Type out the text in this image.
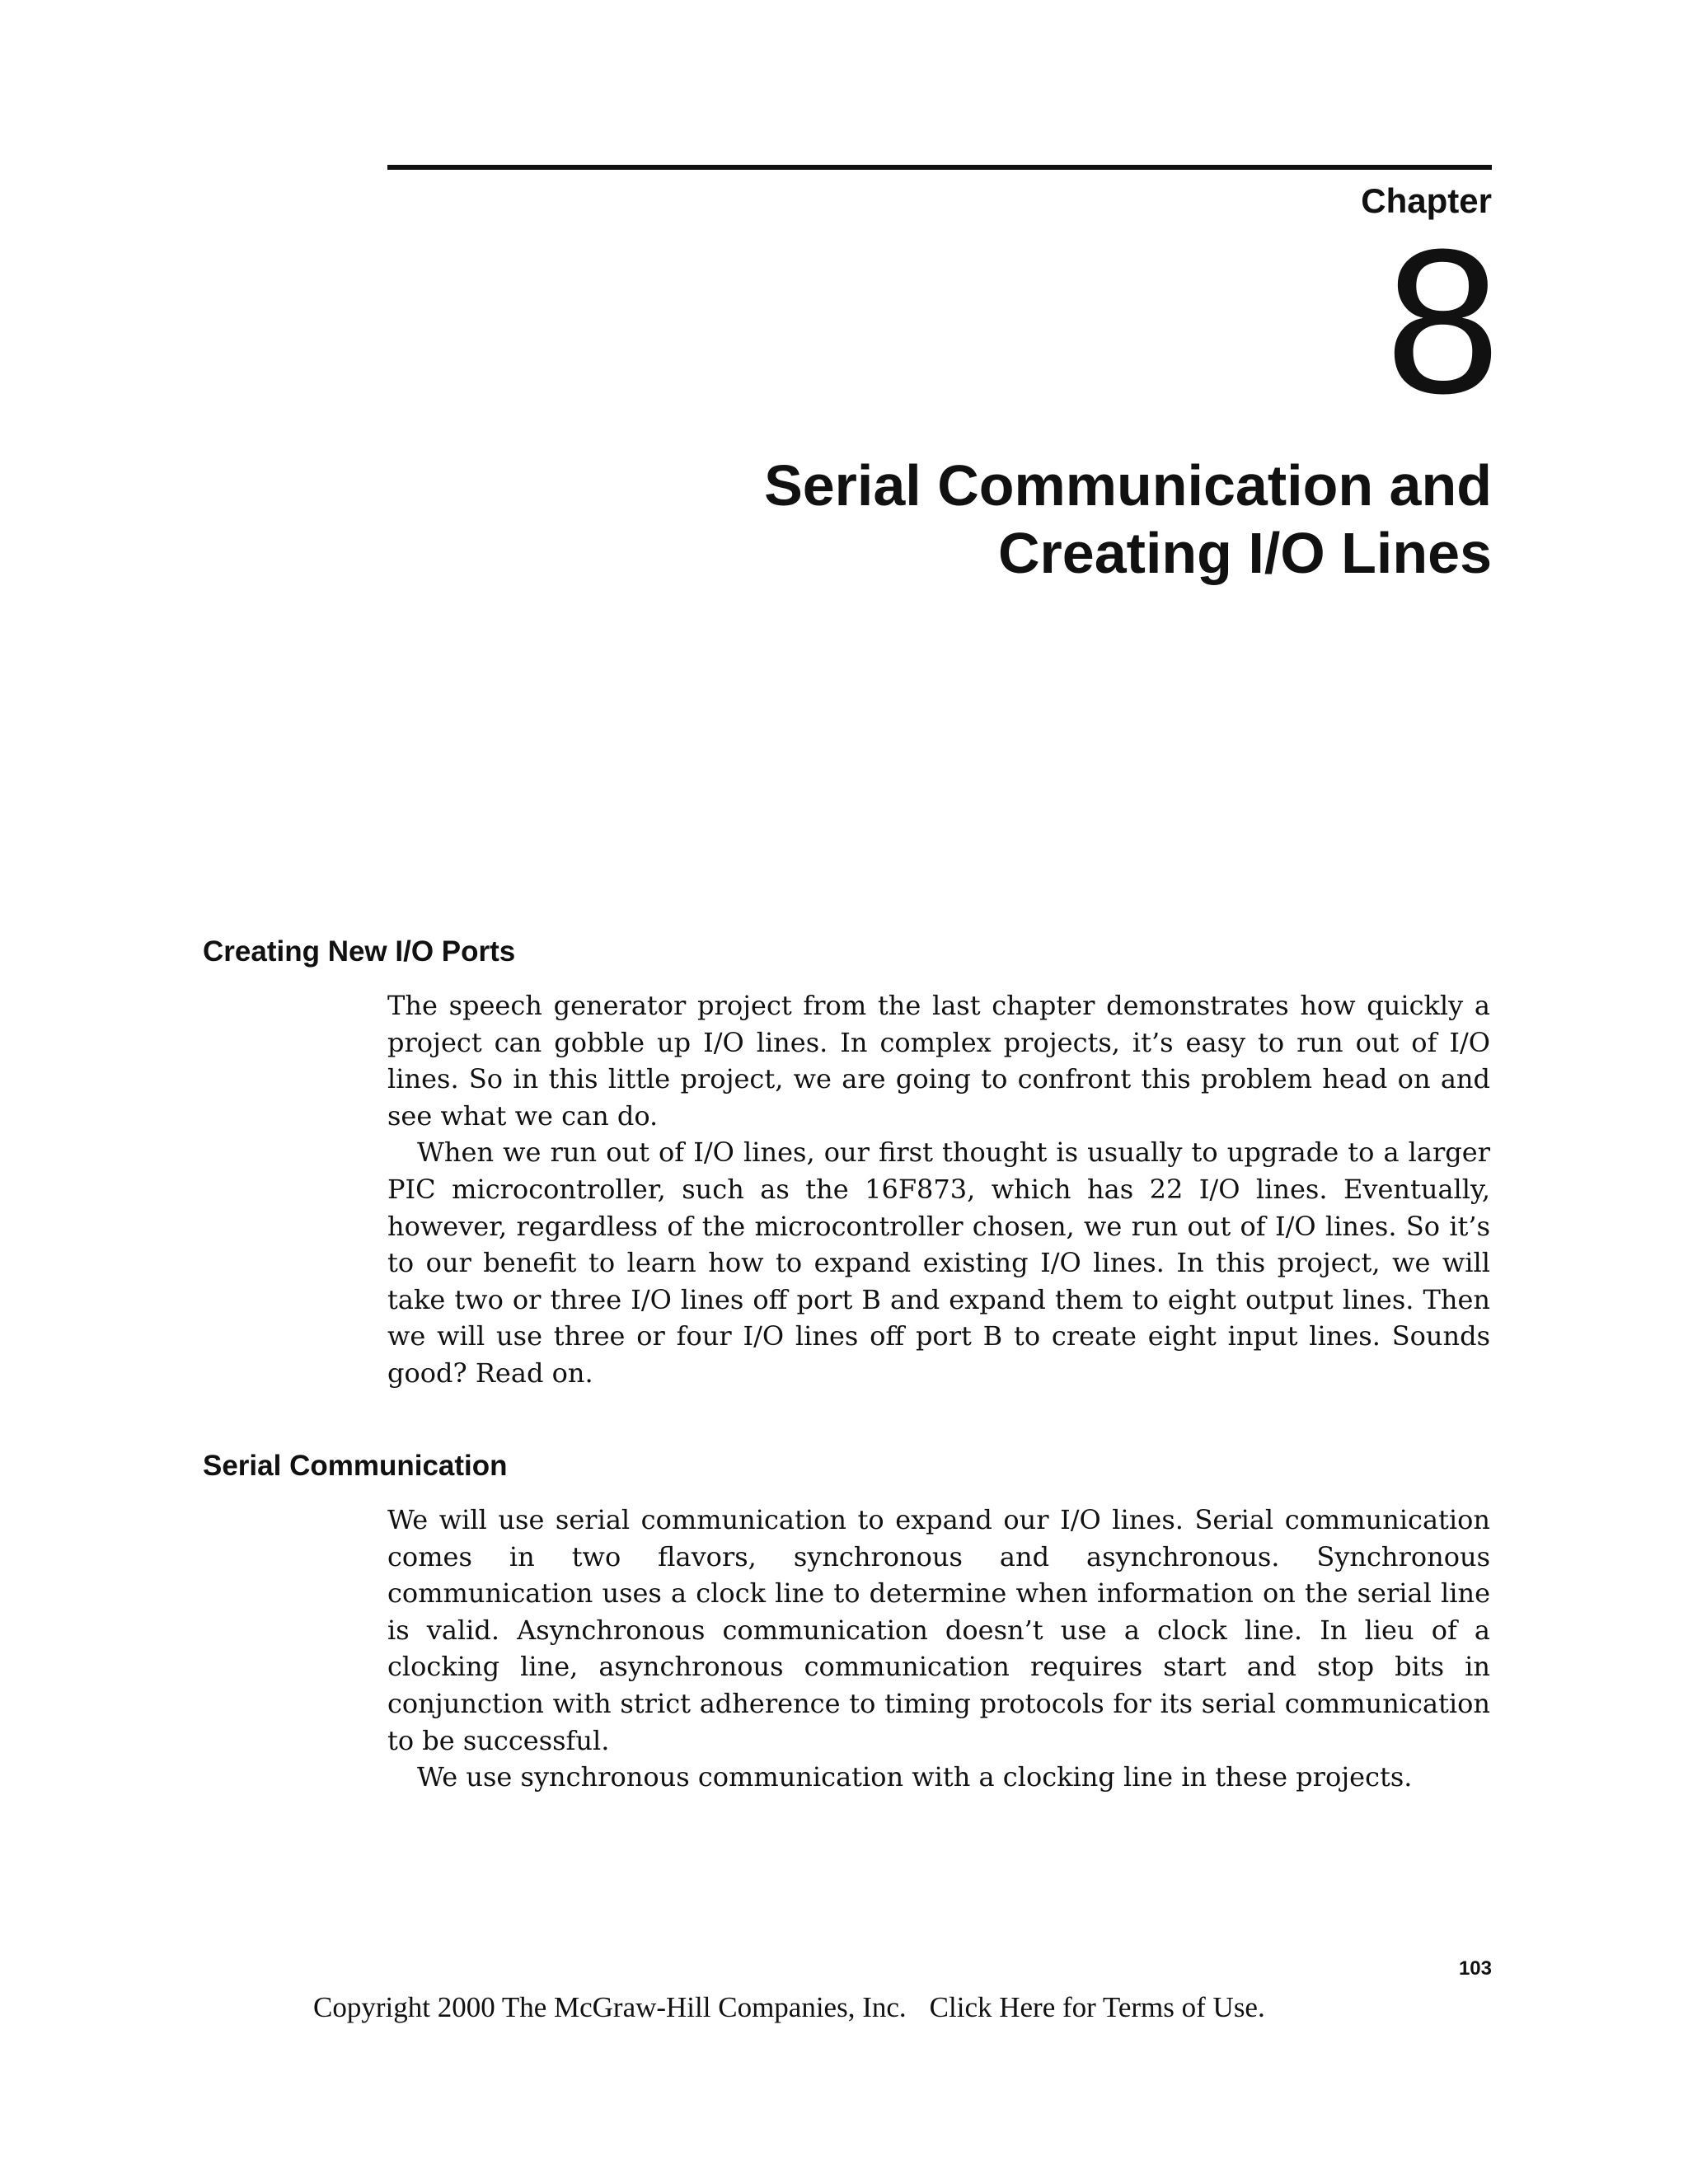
Chapter
8
Serial Communication and
Creating I/O Lines
Creating New I/O Ports

The speech generator project from the last chapter demonstrates how quickly a project can gobble up I/O lines. In complex projects, it’s easy to run out of I/O lines. So in this little project, we are going to confront this problem head on and see what we can do.

When we run out of I/O lines, our first thought is usually to upgrade to a larger PIC microcontroller, such as the 16F873, which has 22 I/O lines. Eventually, however, regardless of the microcontroller chosen, we run out of I/O lines. So it’s to our benefit to learn how to expand existing I/O lines. In this project, we will take two or three I/O lines off port B and expand them to eight output lines. Then we will use three or four I/O lines off port B to create eight input lines. Sounds good? Read on.

Serial Communication

We will use serial communication to expand our I/O lines. Serial communication comes in two flavors, synchronous and asynchronous. Synchronous communication uses a clock line to determine when information on the serial line is valid. Asynchronous communication doesn’t use a clock line. In lieu of a clocking line, asynchronous communication requires start and stop bits in conjunction with strict adherence to timing protocols for its serial communication to be successful.

We use synchronous communication with a clocking line in these projects.

103
Copyright 2000 The McGraw-Hill Companies, Inc. Click Here for Terms of Use.
